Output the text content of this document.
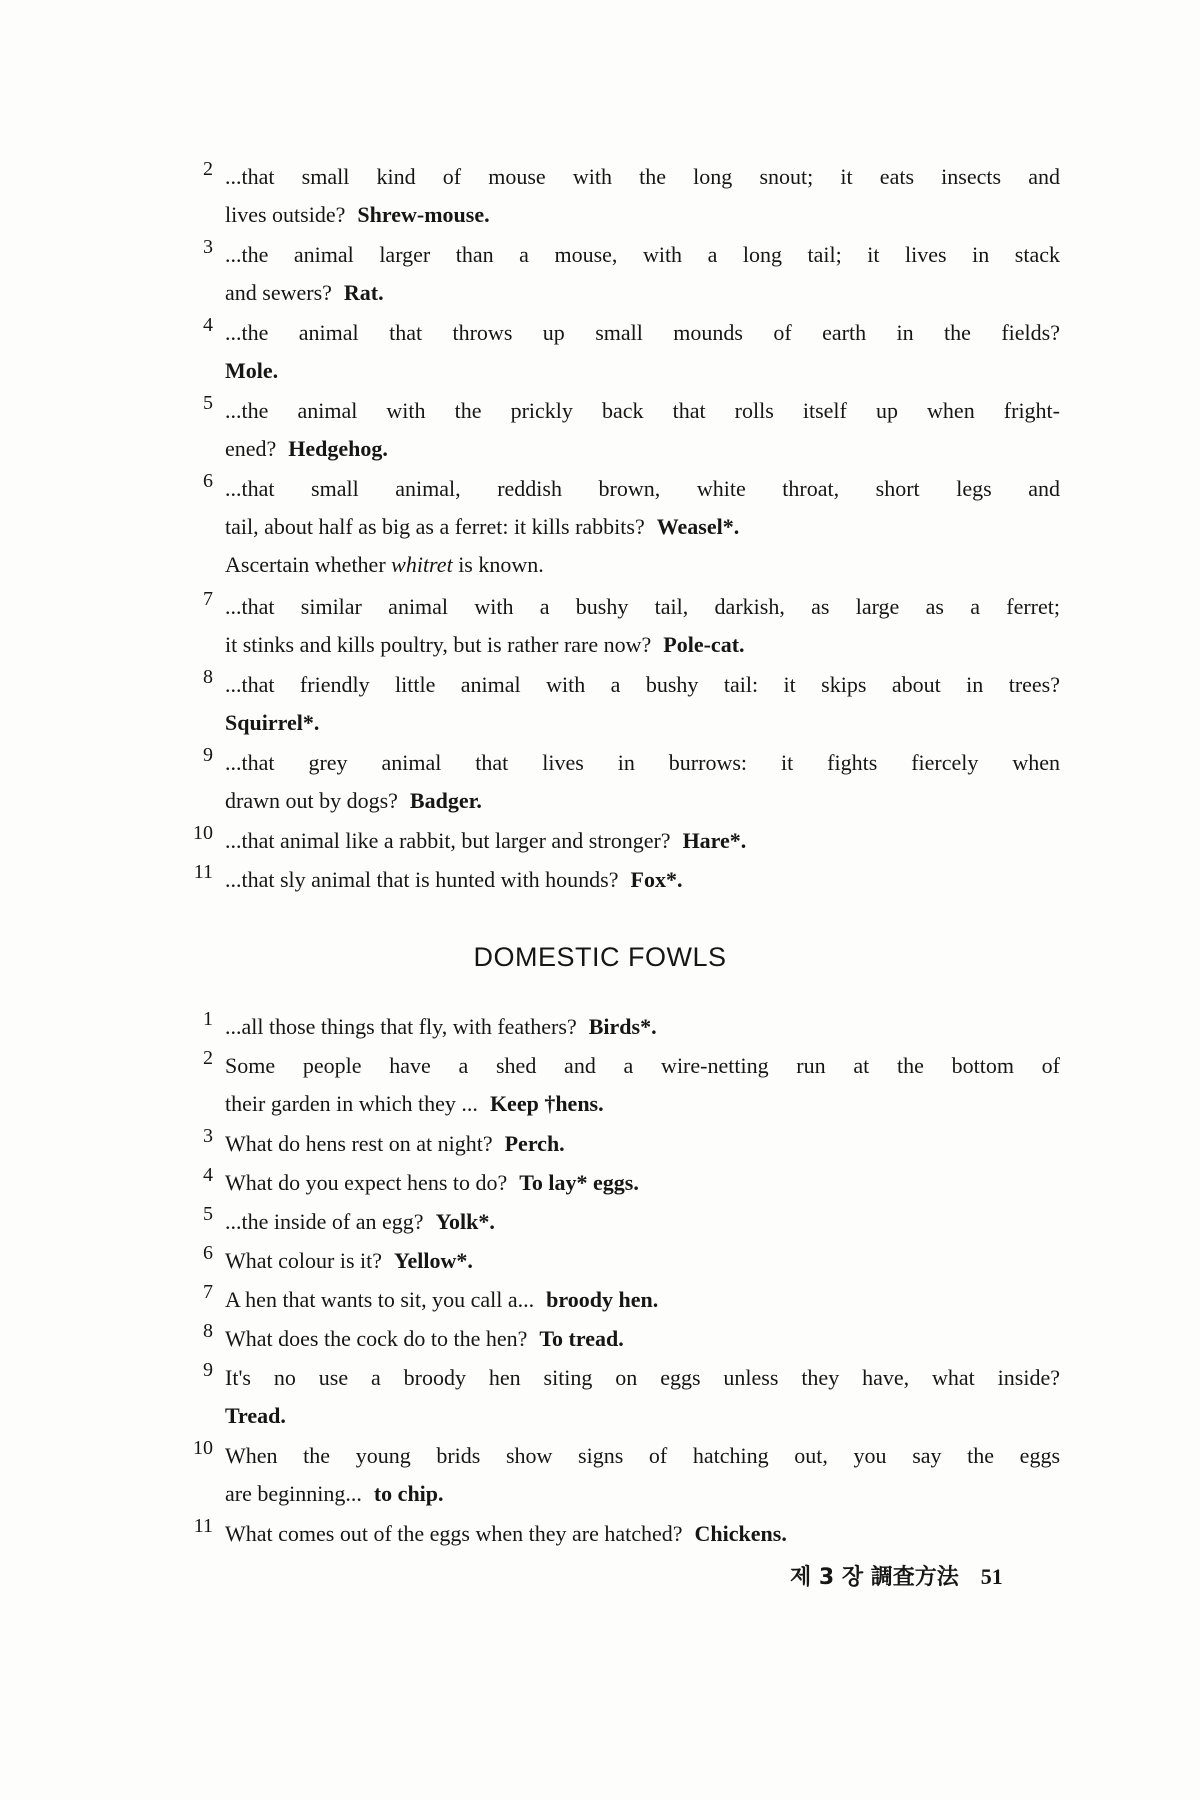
2 ...that small kind of mouse with the long snout; it eats insects and
lives outside? Shrew-mouse.
3 ...the animal larger than a mouse, with a long tail; it lives in stack
and sewers? Rat.
4 ...the animal that throws up small mounds of earth in the fields?
Mole.
5 ...the animal with the prickly back that rolls itself up when fright-
ened? Hedgehog.
6 ...that small animal, reddish brown, white throat, short legs and
tail, about half as big as a ferret: it kills rabbits? Weasel*.
Ascertain whether whitret is known.
7 ...that similar animal with a bushy tail, darkish, as large as a ferret;
it stinks and kills poultry, but is rather rare now? Pole-cat.
8 ...that friendly little animal with a bushy tail: it skips about in trees?
Squirrel*.
9 ...that grey animal that lives in burrows: it fights fiercely when
drawn out by dogs? Badger.
10 ...that animal like a rabbit, but larger and stronger? Hare*.
11 ...that sly animal that is hunted with hounds? Fox*.
DOMESTIC FOWLS
1 ...all those things that fly, with feathers? Birds*.
2 Some people have a shed and a wire-netting run at the bottom of
their garden in which they ... Keep †hens.
3 What do hens rest on at night? Perch.
4 What do you expect hens to do? To lay* eggs.
5 ...the inside of an egg? Yolk*.
6 What colour is it? Yellow*.
7 A hen that wants to sit, you call a... broody hen.
8 What does the cock do to the hen? To tread.
9 It's no use a broody hen siting on eggs unless they have, what inside?
Tread.
10 When the young brids show signs of hatching out, you say the eggs
are beginning... to chip.
11 What comes out of the eggs when they are hatched? Chickens.
제 3 장 調査方法 51
